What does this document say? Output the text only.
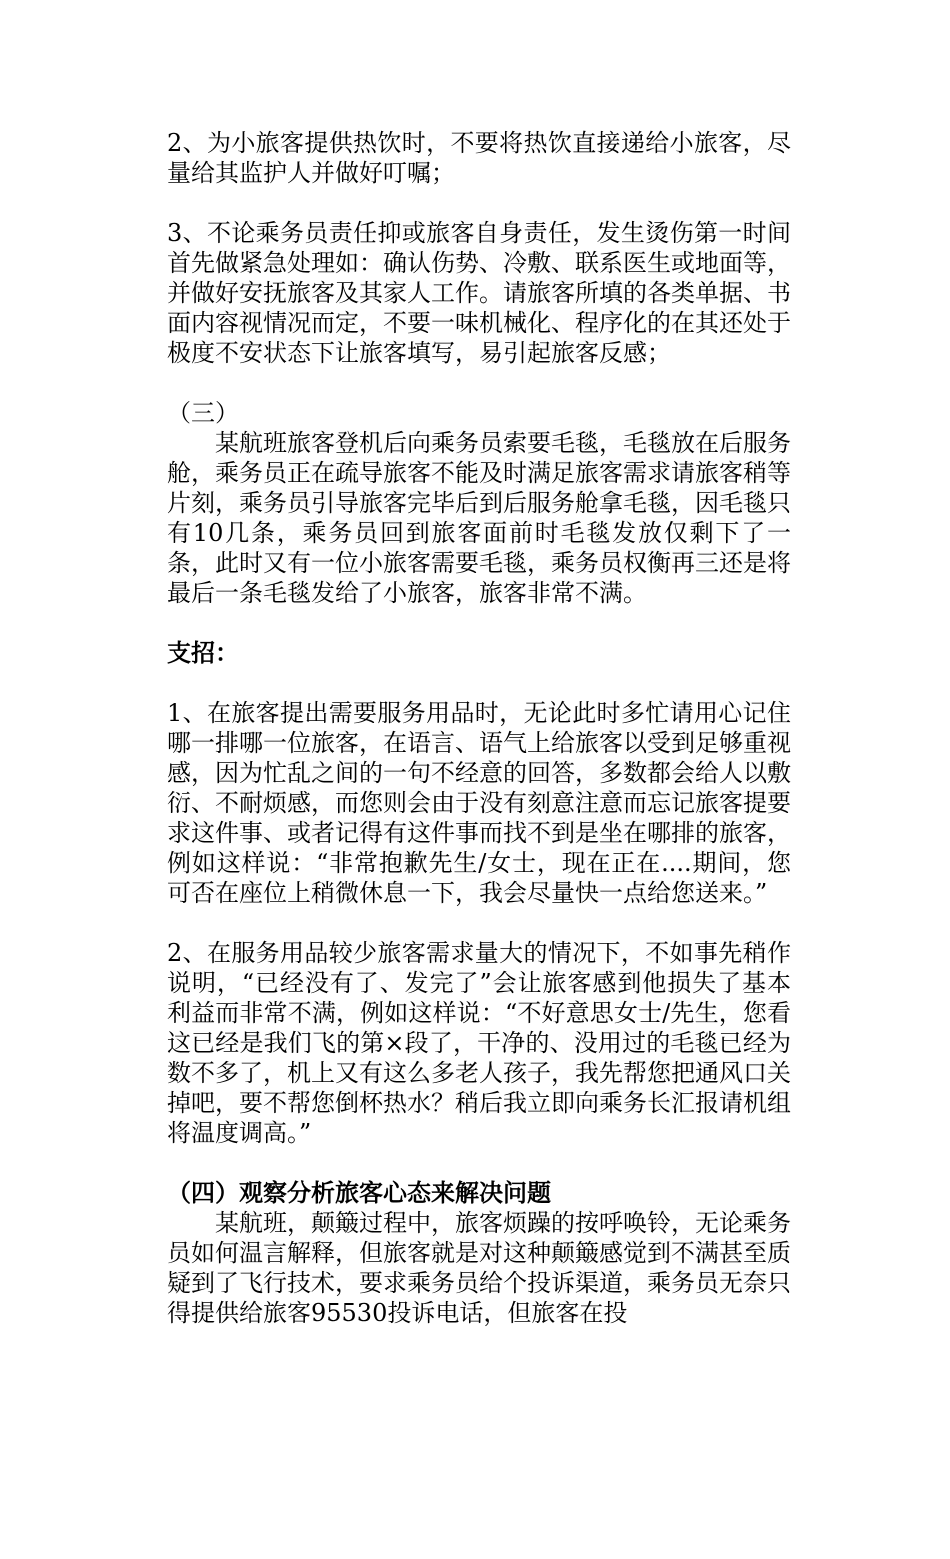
2、为小旅客提供热饮时，不要将热饮直接递给小旅客，尽量给其监护人并做好叮嘱；

3、不论乘务员责任抑或旅客自身责任，发生烫伤第一时间首先做紧急处理如：确认伤势、冷敷、联系医生或地面等，并做好安抚旅客及其家人工作。请旅客所填的各类单据、书面内容视情况而定，不要一味机械化、程序化的在其还处于极度不安状态下让旅客填写，易引起旅客反感；

（三）

某航班旅客登机后向乘务员索要毛毯，毛毯放在后服务舱，乘务员正在疏导旅客不能及时满足旅客需求请旅客稍等片刻，乘务员引导旅客完毕后到后服务舱拿毛毯，因毛毯只有10几条，乘务员回到旅客面前时毛毯发放仅剩下了一条，此时又有一位小旅客需要毛毯，乘务员权衡再三还是将最后一条毛毯发给了小旅客，旅客非常不满。

支招：

1、在旅客提出需要服务用品时，无论此时多忙请用心记住哪一排哪一位旅客，在语言、语气上给旅客以受到足够重视感，因为忙乱之间的一句不经意的回答，多数都会给人以敷衍、不耐烦感，而您则会由于没有刻意注意而忘记旅客提要求这件事、或者记得有这件事而找不到是坐在哪排的旅客，例如这样说：“非常抱歉先生/女士，现在正在....期间，您可否在座位上稍微休息一下，我会尽量快一点给您送来。”

2、在服务用品较少旅客需求量大的情况下，不如事先稍作说明，“已经没有了、发完了”会让旅客感到他损失了基本利益而非常不满，例如这样说：“不好意思女士/先生，您看这已经是我们飞的第×段了，干净的、没用过的毛毯已经为数不多了，机上又有这么多老人孩子，我先帮您把通风口关掉吧，要不帮您倒杯热水？稍后我立即向乘务长汇报请机组将温度调高。”

（四）观察分析旅客心态来解决问题

某航班，颠簸过程中，旅客烦躁的按呼唤铃，无论乘务员如何温言解释，但旅客就是对这种颠簸感觉到不满甚至质疑到了飞行技术，要求乘务员给个投诉渠道，乘务员无奈只得提供给旅客95530投诉电话，但旅客在投
